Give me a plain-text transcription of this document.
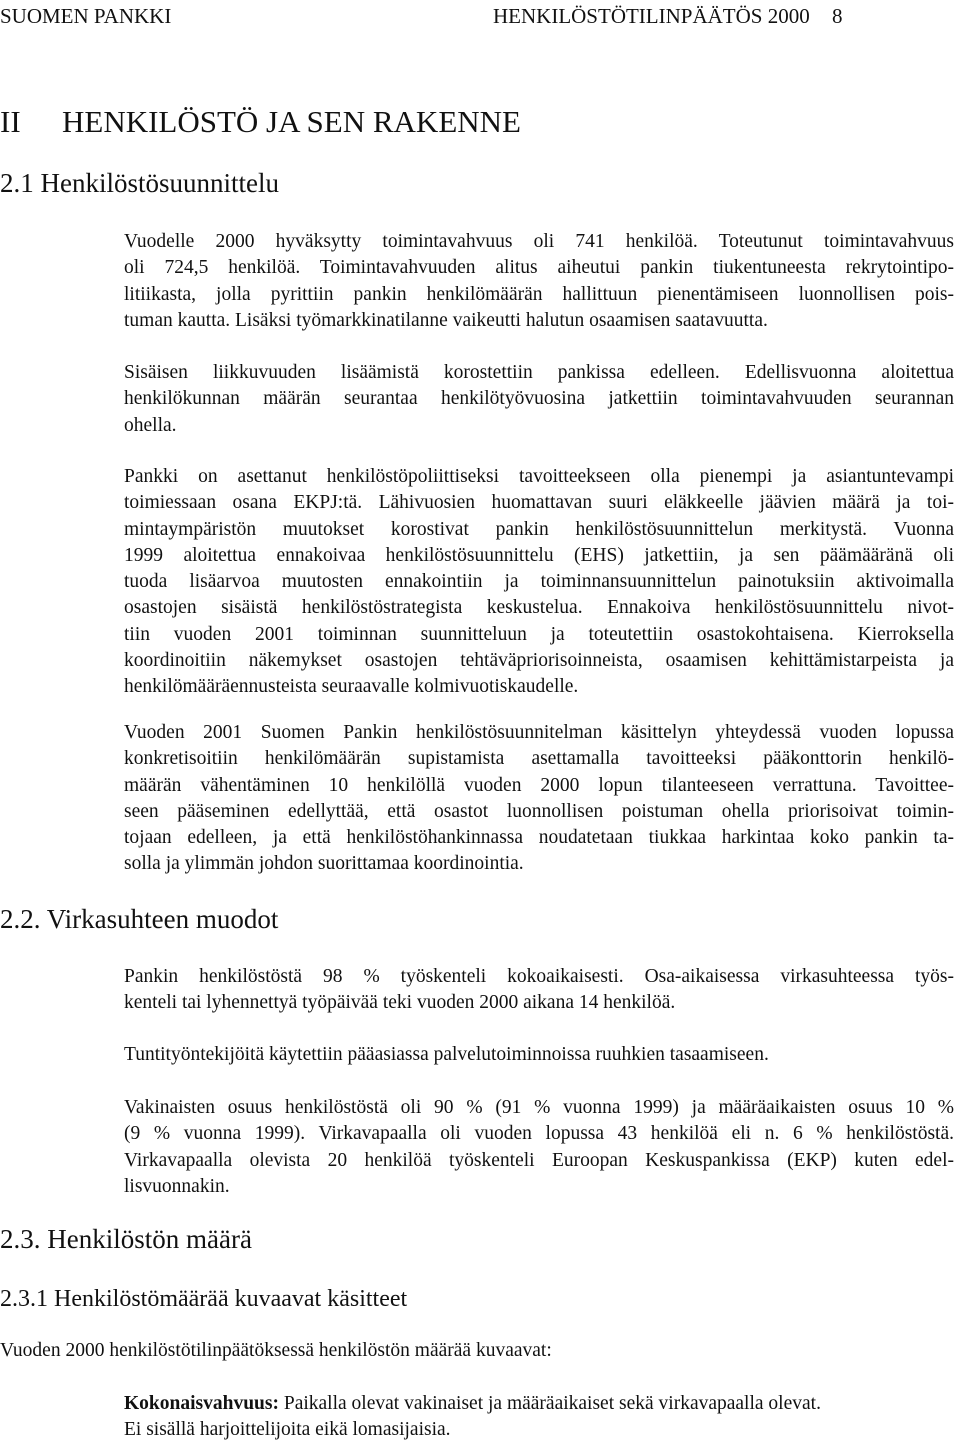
SUOMEN PANKKI	HENKILÖSTÖTILINPÄÄTÖS 2000 8
II HENKILÖSTÖ JA SEN RAKENNE
2.1 Henkilöstösuunnittelu
Vuodelle 2000 hyväksytty toimintavahvuus oli 741 henkilöä. Toteutunut toimintavahvuus
oli 724,5 henkilöä. Toimintavahvuuden alitus aiheutui pankin tiukentuneesta rekrytointipo-
litiikasta, jolla pyrittiin pankin henkilömäärän hallittuun pienentämiseen luonnollisen pois-
tuman kautta. Lisäksi työmarkkinatilanne vaikeutti halutun osaamisen saatavuutta.
Sisäisen liikkuvuuden lisäämistä korostettiin pankissa edelleen. Edellisvuonna aloitettua
henkilökunnan määrän seurantaa henkilötyövuosina jatkettiin toimintavahvuuden seurannan
ohella.
Pankki on asettanut henkilöstöpoliittiseksi tavoitteekseen olla pienempi ja asiantuntevampi
toimiessaan osana EKPJ:tä. Lähivuosien huomattavan suuri eläkkeelle jäävien määrä ja toi-
mintaympäristön muutokset korostivat pankin henkilöstösuunnittelun merkitystä. Vuonna
1999 aloitettua ennakoivaa henkilöstösuunnittelu (EHS) jatkettiin, ja sen päämääränä oli
tuoda lisäarvoa muutosten ennakointiin ja toiminnansuunnittelun painotuksiin aktivoimalla
osastojen sisäistä henkilöstöstrategista keskustelua. Ennakoiva henkilöstösuunnittelu nivot-
tiin vuoden 2001 toiminnan suunnitteluun ja toteutettiin osastokohtaisena. Kierroksella
koordinoitiin näkemykset osastojen tehtäväpriorisoinneista, osaamisen kehittämistarpeista ja
henkilömääräennusteista seuraavalle kolmivuotiskaudelle.
Vuoden 2001 Suomen Pankin henkilöstösuunnitelman käsittelyn yhteydessä vuoden lopussa
konkretisoitiin henkilömäärän supistamista asettamalla tavoitteeksi pääkonttorin henkilö-
määrän vähentäminen 10 henkilöllä vuoden 2000 lopun tilanteeseen verrattuna. Tavoittee-
seen pääseminen edellyttää, että osastot luonnollisen poistuman ohella priorisoivat toimin-
tojaan edelleen, ja että henkilöstöhankinnassa noudatetaan tiukkaa harkintaa koko pankin ta-
solla ja ylimmän johdon suorittamaa koordinointia.
2.2. Virkasuhteen muodot
Pankin henkilöstöstä 98 % työskenteli kokoaikaisesti. Osa-aikaisessa virkasuhteessa työs-
kenteli tai lyhennettyä työpäivää teki vuoden 2000 aikana 14 henkilöä.
Tuntityöntekijöitä käytettiin pääasiassa palvelutoiminnoissa ruuhkien tasaamiseen.
Vakinaisten osuus henkilöstöstä oli 90 % (91 % vuonna 1999) ja määräaikaisten osuus 10 %
(9 % vuonna 1999). Virkavapaalla oli vuoden lopussa 43 henkilöä eli n. 6 % henkilöstöstä.
Virkavapaalla olevista 20 henkilöä työskenteli Euroopan Keskuspankissa (EKP) kuten edel-
lisvuonnakin.
2.3. Henkilöstön määrä
2.3.1 Henkilöstömäärää kuvaavat käsitteet
Vuoden 2000 henkilöstötilinpäätöksessä henkilöstön määrää kuvaavat:
Kokonaisvahvuus: Paikalla olevat vakinaiset ja määräaikaiset sekä virkavapaalla olevat.
Ei sisällä harjoittelijoita eikä lomasijaisia.
